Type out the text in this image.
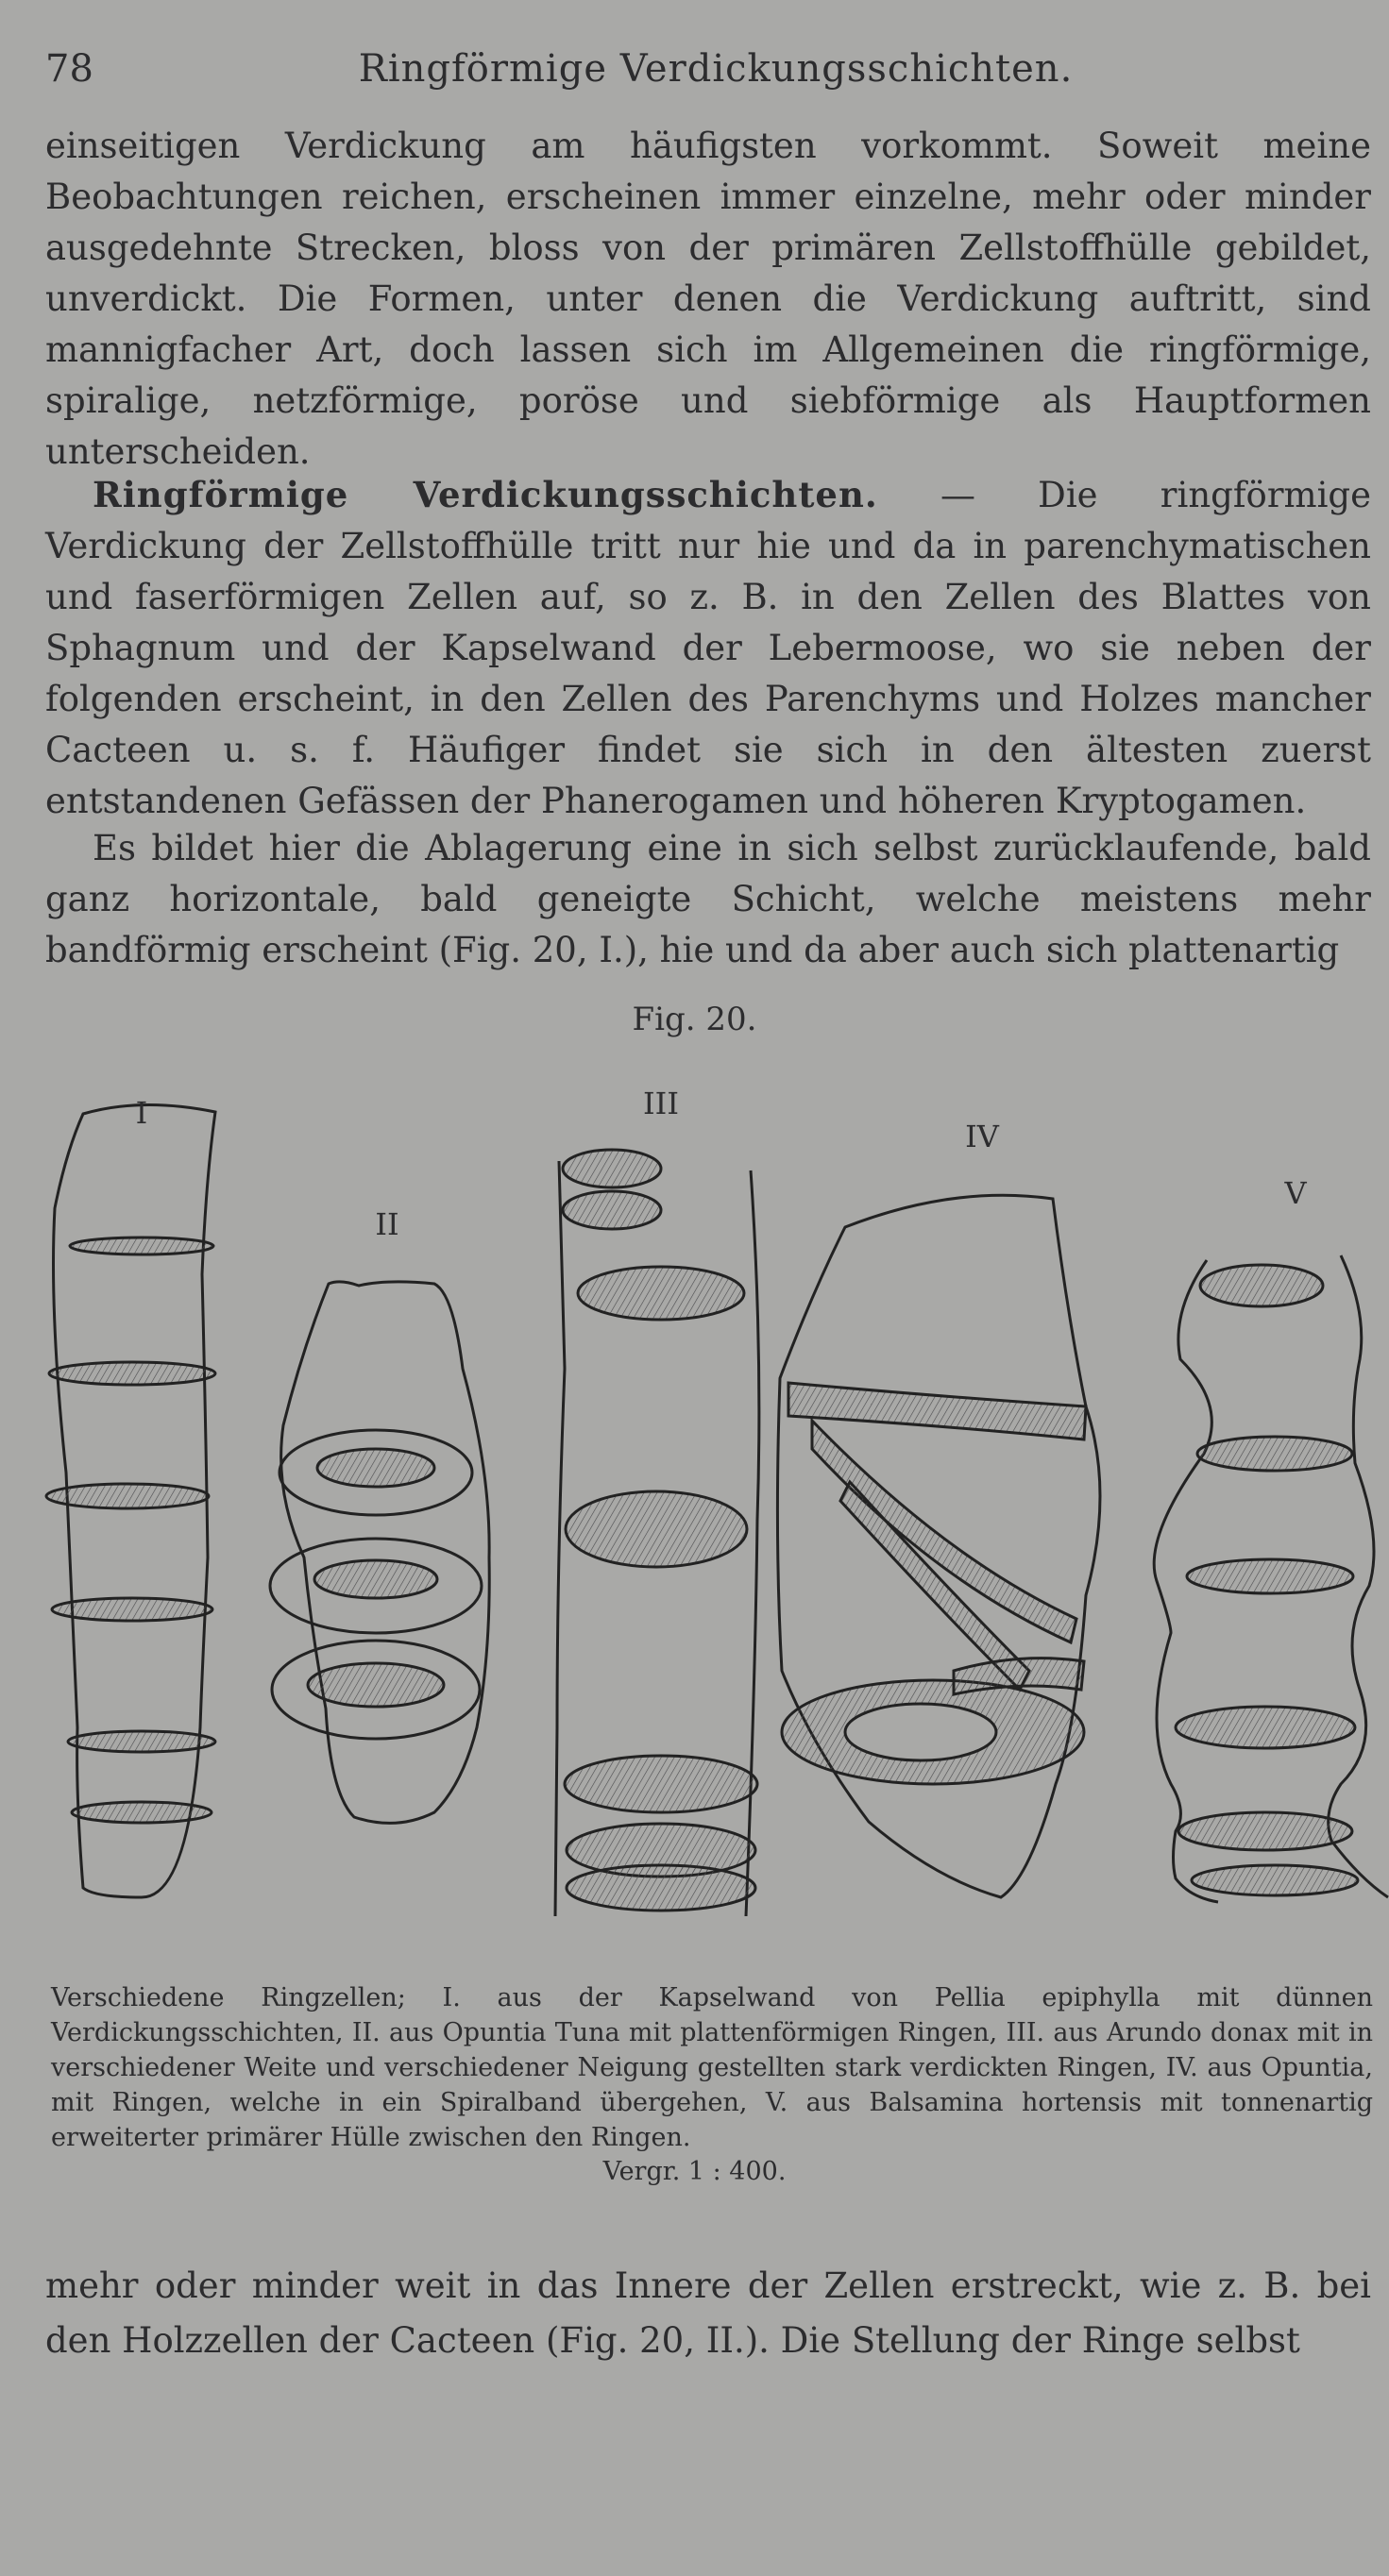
78	Ringförmige Verdickungsschichten.

einseitigen Verdickung am häufigsten vorkommt. Soweit meine Beobachtungen reichen, erscheinen immer einzelne, mehr oder minder ausgedehnte Strecken, bloss von der primären Zellstoffhülle gebildet, unverdickt. Die Formen, unter denen die Verdickung auftritt, sind mannigfacher Art, doch lassen sich im Allgemeinen die ringförmige, spiralige, netzförmige, poröse und siebförmige als Hauptformen unterscheiden.

Ringförmige Verdickungsschichten. — Die ringförmige Verdickung der Zellstoffhülle tritt nur hie und da in parenchymatischen und faserförmigen Zellen auf, so z. B. in den Zellen des Blattes von Sphagnum und der Kapselwand der Lebermoose, wo sie neben der folgenden erscheint, in den Zellen des Parenchyms und Holzes mancher Cacteen u. s. f. Häufiger findet sie sich in den ältesten zuerst entstandenen Gefässen der Phanerogamen und höheren Kryptogamen.

Es bildet hier die Ablagerung eine in sich selbst zurücklaufende, bald ganz horizontale, bald geneigte Schicht, welche meistens mehr bandförmig erscheint (Fig. 20, I.), hie und da aber auch sich plattenartig

Fig. 20.
I
II
III
IV
V

Verschiedene Ringzellen; I. aus der Kapselwand von Pellia epiphylla mit dünnen Verdickungsschichten, II. aus Opuntia Tuna mit plattenförmigen Ringen, III. aus Arundo donax mit in verschiedener Weite und verschiedener Neigung gestellten stark verdickten Ringen, IV. aus Opuntia, mit Ringen, welche in ein Spiralband übergehen, V. aus Balsamina hortensis mit tonnenartig erweiterter primärer Hülle zwischen den Ringen.

Vergr. 1 : 400.

mehr oder minder weit in das Innere der Zellen erstreckt, wie z. B. bei den Holzzellen der Cacteen (Fig. 20, II.). Die Stellung der Ringe selbst
